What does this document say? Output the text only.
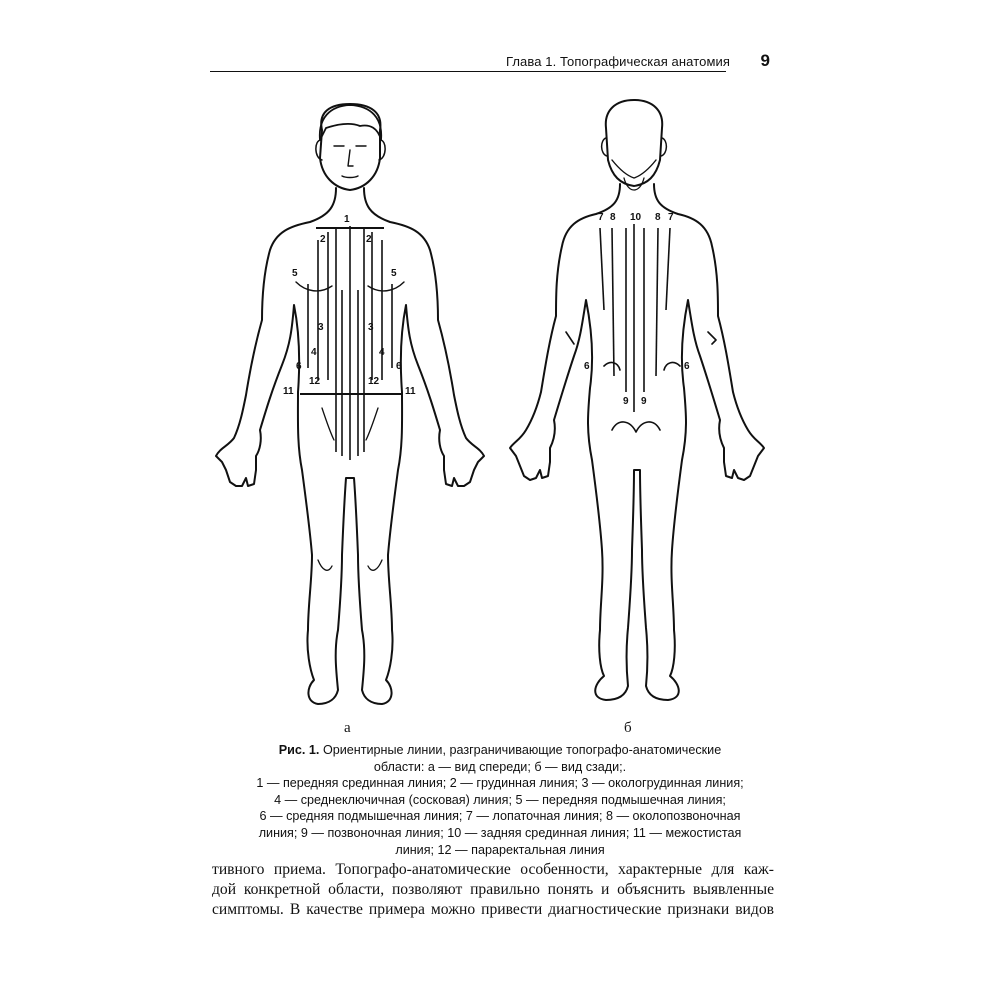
Глава 1. Топографическая анатомия 9
1
2	2
3	3
4	4
5	5
6	6
11	11
12	12
а
7 8 10 8 7
6	6
9 9
б
Рис. 1. Ориентирные линии, разграничивающие топографо-анатомические
области: а — вид спереди; б — вид сзади;.
1 — передняя срединная линия; 2 — грудинная линия; 3 — окологрудинная линия;
4 — среднеключичная (сосковая) линия; 5 — передняя подмышечная линия;
6 — средняя подмышечная линия; 7 — лопаточная линия; 8 — околопозвоночная
линия; 9 — позвоночная линия; 10 — задняя срединная линия; 11 — межостистая
линия; 12 — параректальная линия
тивного приема. Топографо-анатомические особенности, характерные для каж-
дой конкретной области, позволяют правильно понять и объяснить выявленные
симптомы. В качестве примера можно привести диагностические признаки видов
